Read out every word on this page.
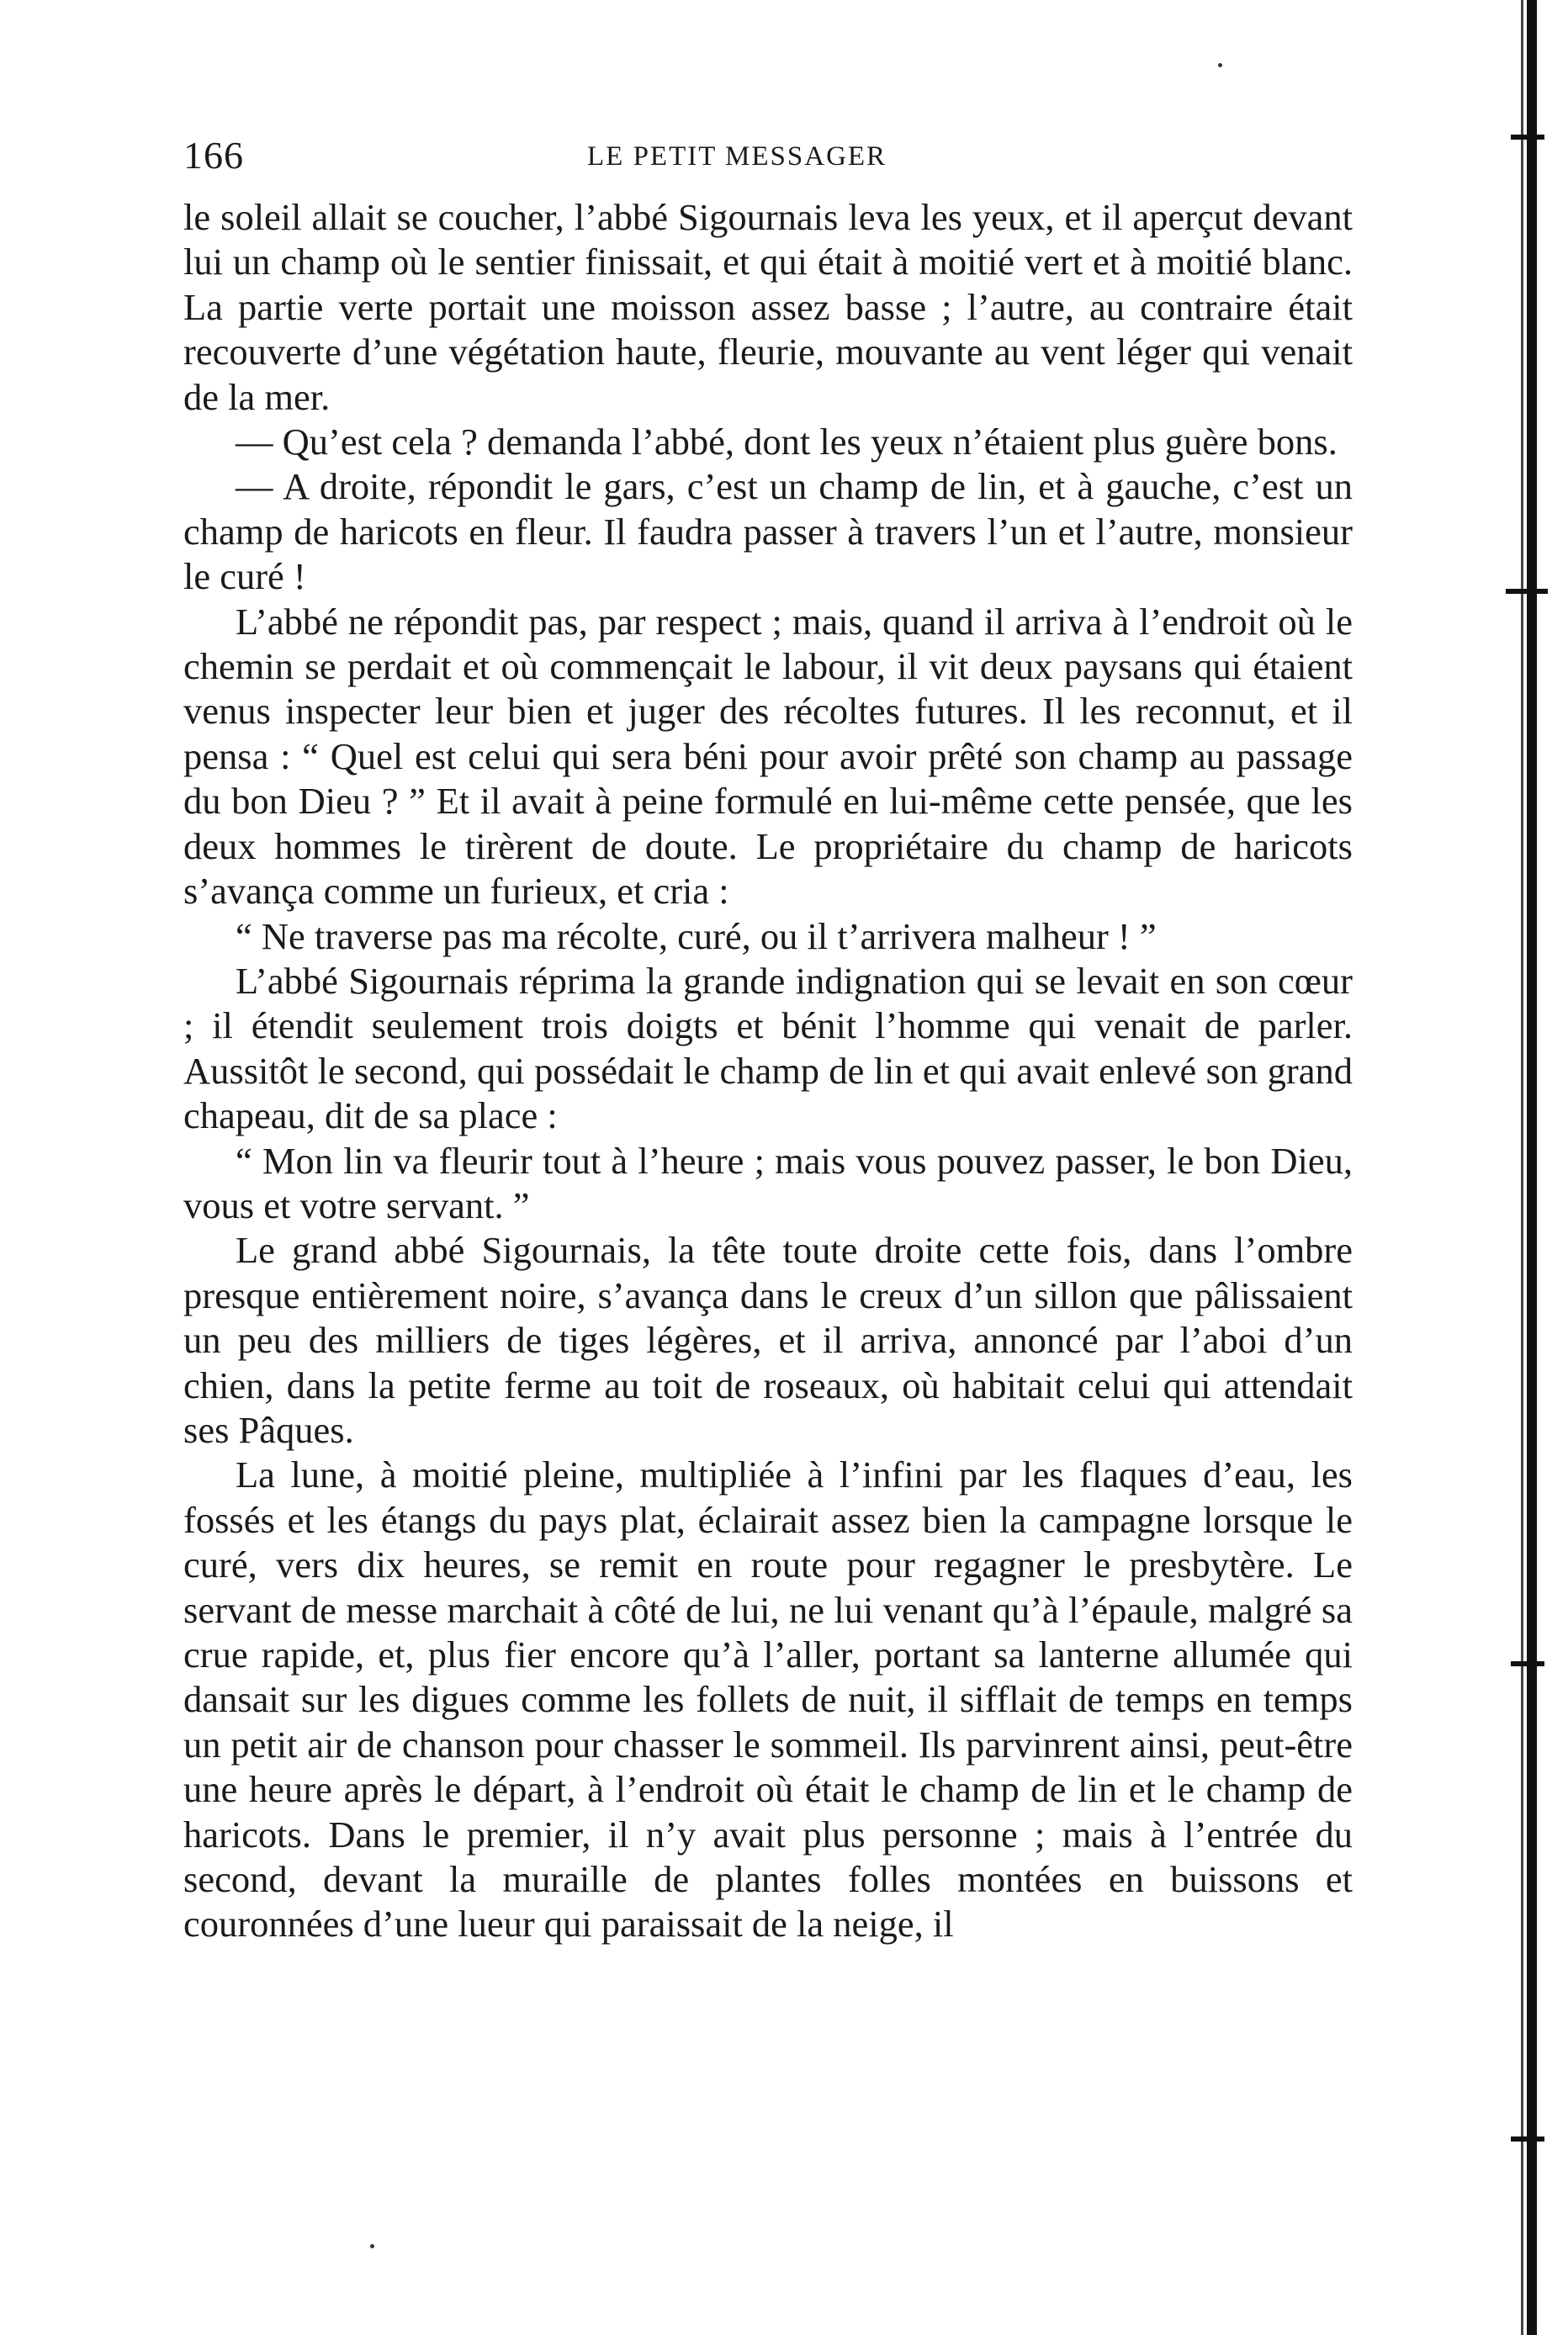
166	LE PETIT MESSAGER

le soleil allait se coucher, l’abbé Sigournais leva les yeux, et il aperçut devant lui un champ où le sentier finissait, et qui était à moitié vert et à moitié blanc. La partie verte portait une moisson assez basse ; l’autre, au contraire était recouverte d’une végétation haute, fleurie, mouvante au vent léger qui venait de la mer.

— Qu’est cela ? demanda l’abbé, dont les yeux n’étaient plus guère bons.

— A droite, répondit le gars, c’est un champ de lin, et à gauche, c’est un champ de haricots en fleur. Il faudra passer à travers l’un et l’autre, monsieur le curé !

L’abbé ne répondit pas, par respect ; mais, quand il arriva à l’endroit où le chemin se perdait et où commençait le labour, il vit deux paysans qui étaient venus inspecter leur bien et juger des récoltes futures. Il les reconnut, et il pensa : “ Quel est celui qui sera béni pour avoir prêté son champ au passage du bon Dieu ? ” Et il avait à peine formulé en lui-même cette pensée, que les deux hommes le tirèrent de doute. Le propriétaire du champ de haricots s’avança comme un furieux, et cria :

“ Ne traverse pas ma récolte, curé, ou il t’arrivera malheur ! ”

L’abbé Sigournais réprima la grande indignation qui se levait en son cœur ; il étendit seulement trois doigts et bénit l’homme qui venait de parler. Aussitôt le second, qui possédait le champ de lin et qui avait enlevé son grand chapeau, dit de sa place :

“ Mon lin va fleurir tout à l’heure ; mais vous pouvez passer, le bon Dieu, vous et votre servant. ”

Le grand abbé Sigournais, la tête toute droite cette fois, dans l’ombre presque entièrement noire, s’avança dans le creux d’un sillon que pâlissaient un peu des milliers de tiges légères, et il arriva, annoncé par l’aboi d’un chien, dans la petite ferme au toit de roseaux, où habitait celui qui attendait ses Pâques.

La lune, à moitié pleine, multipliée à l’infini par les flaques d’eau, les fossés et les étangs du pays plat, éclairait assez bien la campagne lorsque le curé, vers dix heures, se remit en route pour regagner le presbytère. Le servant de messe marchait à côté de lui, ne lui venant qu’à l’épaule, malgré sa crue rapide, et, plus fier encore qu’à l’aller, portant sa lanterne allumée qui dansait sur les digues comme les follets de nuit, il sifflait de temps en temps un petit air de chanson pour chasser le sommeil. Ils parvinrent ainsi, peut-être une heure après le départ, à l’endroit où était le champ de lin et le champ de haricots. Dans le premier, il n’y avait plus personne ; mais à l’entrée du second, devant la muraille de plantes folles montées en buissons et couronnées d’une lueur qui paraissait de la neige, il
